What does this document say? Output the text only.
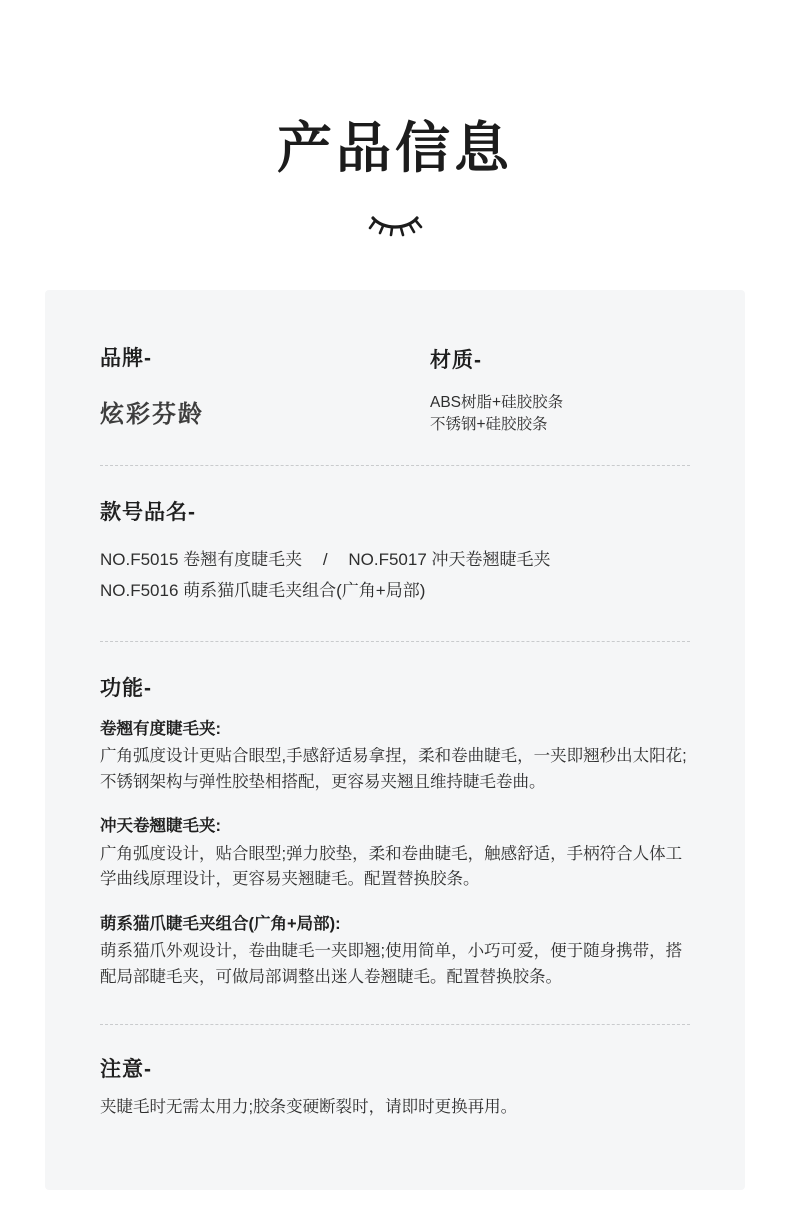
产品信息

品牌-

炫彩芬龄

材质-

ABS树脂+硅胶胶条

不锈钢+硅胶胶条

款号品名-

NO.F5015 卷翘有度睫毛夹 / NO.F5017 冲天卷翘睫毛夹
NO.F5016 萌系猫爪睫毛夹组合(广角+局部)

功能-

卷翘有度睫毛夹:

广角弧度设计更贴合眼型,手感舒适易拿捏，柔和卷曲睫毛，一夹即翘秒出太阳花;不锈钢架构与弹性胶垫相搭配，更容易夹翘且维持睫毛卷曲。

冲天卷翘睫毛夹:

广角弧度设计，贴合眼型;弹力胶垫，柔和卷曲睫毛，触感舒适，手柄符合人体工学曲线原理设计，更容易夹翘睫毛。配置替换胶条。

萌系猫爪睫毛夹组合(广角+局部):

萌系猫爪外观设计，卷曲睫毛一夹即翘;使用简单，小巧可爱，便于随身携带，搭配局部睫毛夹，可做局部调整出迷人卷翘睫毛。配置替换胶条。

注意-

夹睫毛时无需太用力;胶条变硬断裂时，请即时更换再用。
